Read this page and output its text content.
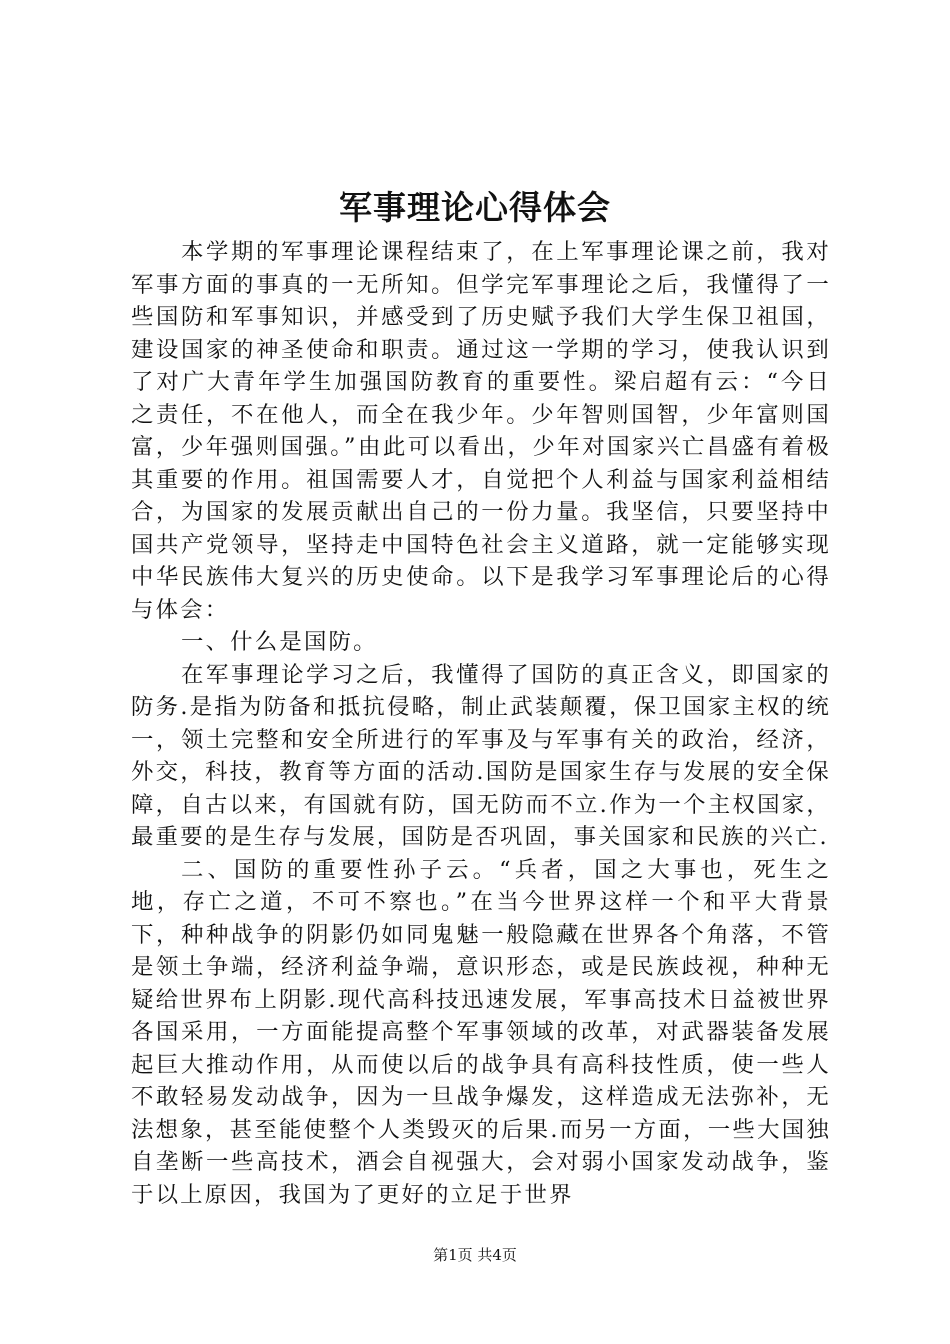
军事理论心得体会

本学期的军事理论课程结束了，在上军事理论课之前，我对军事方面的事真的一无所知。但学完军事理论之后，我懂得了一些国防和军事知识，并感受到了历史赋予我们大学生保卫祖国，建设国家的神圣使命和职责。通过这一学期的学习，使我认识到了对广大青年学生加强国防教育的重要性。梁启超有云：“今日之责任，不在他人，而全在我少年。少年智则国智，少年富则国富，少年强则国强。”由此可以看出，少年对国家兴亡昌盛有着极其重要的作用。祖国需要人才，自觉把个人利益与国家利益相结合，为国家的发展贡献出自己的一份力量。我坚信，只要坚持中国共产党领导，坚持走中国特色社会主义道路，就一定能够实现中华民族伟大复兴的历史使命。以下是我学习军事理论后的心得与体会：

一、什么是国防。

在军事理论学习之后，我懂得了国防的真正含义，即国家的防务.是指为防备和抵抗侵略，制止武装颠覆，保卫国家主权的统一，领土完整和安全所进行的军事及与军事有关的政治，经济，外交，科技，教育等方面的活动.国防是国家生存与发展的安全保障，自古以来，有国就有防，国无防而不立.作为一个主权国家，最重要的是生存与发展，国防是否巩固，事关国家和民族的兴亡.

二、国防的重要性孙子云。“兵者，国之大事也，死生之地，存亡之道，不可不察也。”在当今世界这样一个和平大背景下，种种战争的阴影仍如同鬼魅一般隐藏在世界各个角落，不管是领土争端，经济利益争端，意识形态，或是民族歧视，种种无疑给世界布上阴影.现代高科技迅速发展，军事高技术日益被世界各国采用，一方面能提高整个军事领域的改革，对武器装备发展起巨大推动作用，从而使以后的战争具有高科技性质，使一些人不敢轻易发动战争，因为一旦战争爆发，这样造成无法弥补，无法想象，甚至能使整个人类毁灭的后果.而另一方面，一些大国独自垄断一些高技术，酒会自视强大，会对弱小国家发动战争，鉴于以上原因，我国为了更好的立足于世界

第1页 共4页
